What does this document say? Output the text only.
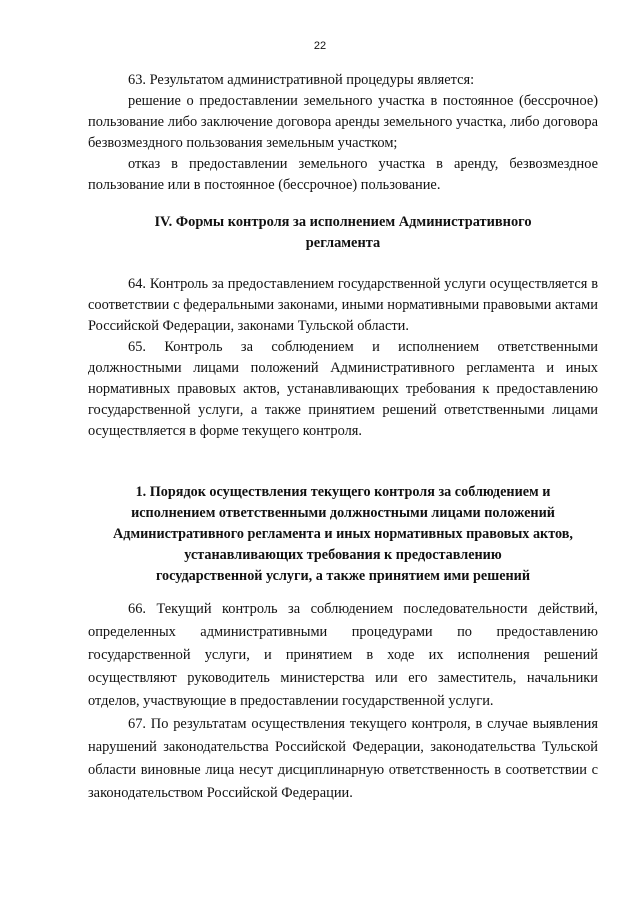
22

63. Результатом административной процедуры является:

решение о предоставлении земельного участка в постоянное (бессрочное) пользование либо заключение договора аренды земельного участка, либо договора безвозмездного пользования земельным участком;

отказ в предоставлении земельного участка в аренду, безвозмездное пользование или в постоянное (бессрочное) пользование.

IV. Формы контроля за исполнением Административного
регламента

64. Контроль за предоставлением государственной услуги осуществляется в соответствии с федеральными законами, иными нормативными правовыми актами Российской Федерации, законами Тульской области.

65. Контроль за соблюдением и исполнением ответственными должностными лицами положений Административного регламента и иных нормативных правовых актов, устанавливающих требования к предоставлению государственной услуги, а также принятием решений ответственными лицами осуществляется в форме текущего контроля.

1. Порядок осуществления текущего контроля за соблюдением и
исполнением ответственными должностными лицами положений
Административного регламента и иных нормативных правовых актов,
устанавливающих требования к предоставлению
государственной услуги, а также принятием ими решений

66. Текущий контроль за соблюдением последовательности действий, определенных административными процедурами по предоставлению государственной услуги, и принятием в ходе их исполнения решений осуществляют руководитель министерства или его заместитель, начальники отделов, участвующие в предоставлении государственной услуги.

67. По результатам осуществления текущего контроля, в случае выявления нарушений законодательства Российской Федерации, законодательства Тульской области виновные лица несут дисциплинарную ответственность в соответствии с законодательством Российской Федерации.
